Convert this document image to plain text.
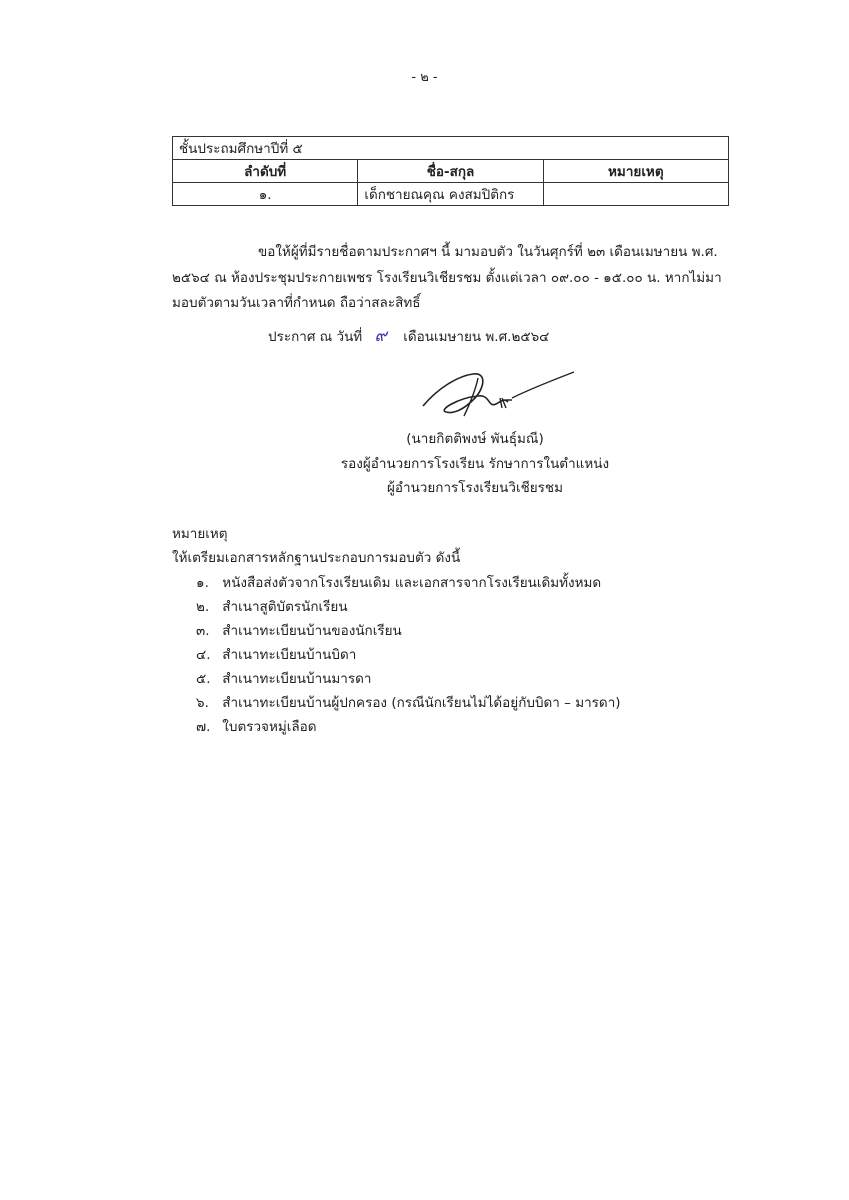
- ๒ -
ชั้นประถมศึกษาปีที่ ๕		
ลำดับที่	ชื่อ-สกุล	หมายเหตุ
๑.	เด็กชายณคุณ คงสมปิติกร	
ขอให้ผู้ที่มีรายชื่อตามประกาศฯ นี้ มามอบตัว ในวันศุกร์ที่ ๒๓ เดือนเมษายน พ.ศ.
๒๕๖๔ ณ ห้องประชุมประกายเพชร โรงเรียนวิเชียรชม ตั้งแต่เวลา ๐๙.๐๐ - ๑๕.๐๐ น. หากไม่มา
มอบตัวตามวันเวลาที่กำหนด ถือว่าสละสิทธิ์
ประกาศ ณ วันที่ ๙ เดือนเมษายน พ.ศ.๒๕๖๔
(นายกิตติพงษ์ พันธุ์มณี)
รองผู้อำนวยการโรงเรียน รักษาการในตำแหน่ง
ผู้อำนวยการโรงเรียนวิเชียรชม
หมายเหตุ
ให้เตรียมเอกสารหลักฐานประกอบการมอบตัว ดังนี้
๑. หนังสือส่งตัวจากโรงเรียนเดิม และเอกสารจากโรงเรียนเดิมทั้งหมด
๒. สำเนาสูติบัตรนักเรียน
๓. สำเนาทะเบียนบ้านของนักเรียน
๔. สำเนาทะเบียนบ้านบิดา
๕. สำเนาทะเบียนบ้านมารดา
๖. สำเนาทะเบียนบ้านผู้ปกครอง (กรณีนักเรียนไม่ได้อยู่กับบิดา – มารดา)
๗. ใบตรวจหมู่เลือด
